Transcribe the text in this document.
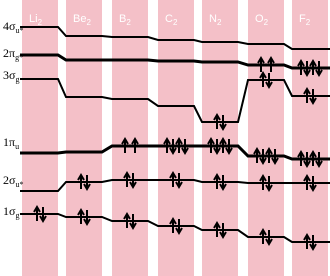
$Li_2$	$Be_2$	$B_2$	$C_2$	$N_2$	$O_2$	$F_2$
$4\sigma_{u*}$
$2\pi_{g*}$
$3\sigma_g$
$1\pi_u$
$2\sigma_{u*}$
$1\sigma_g$
